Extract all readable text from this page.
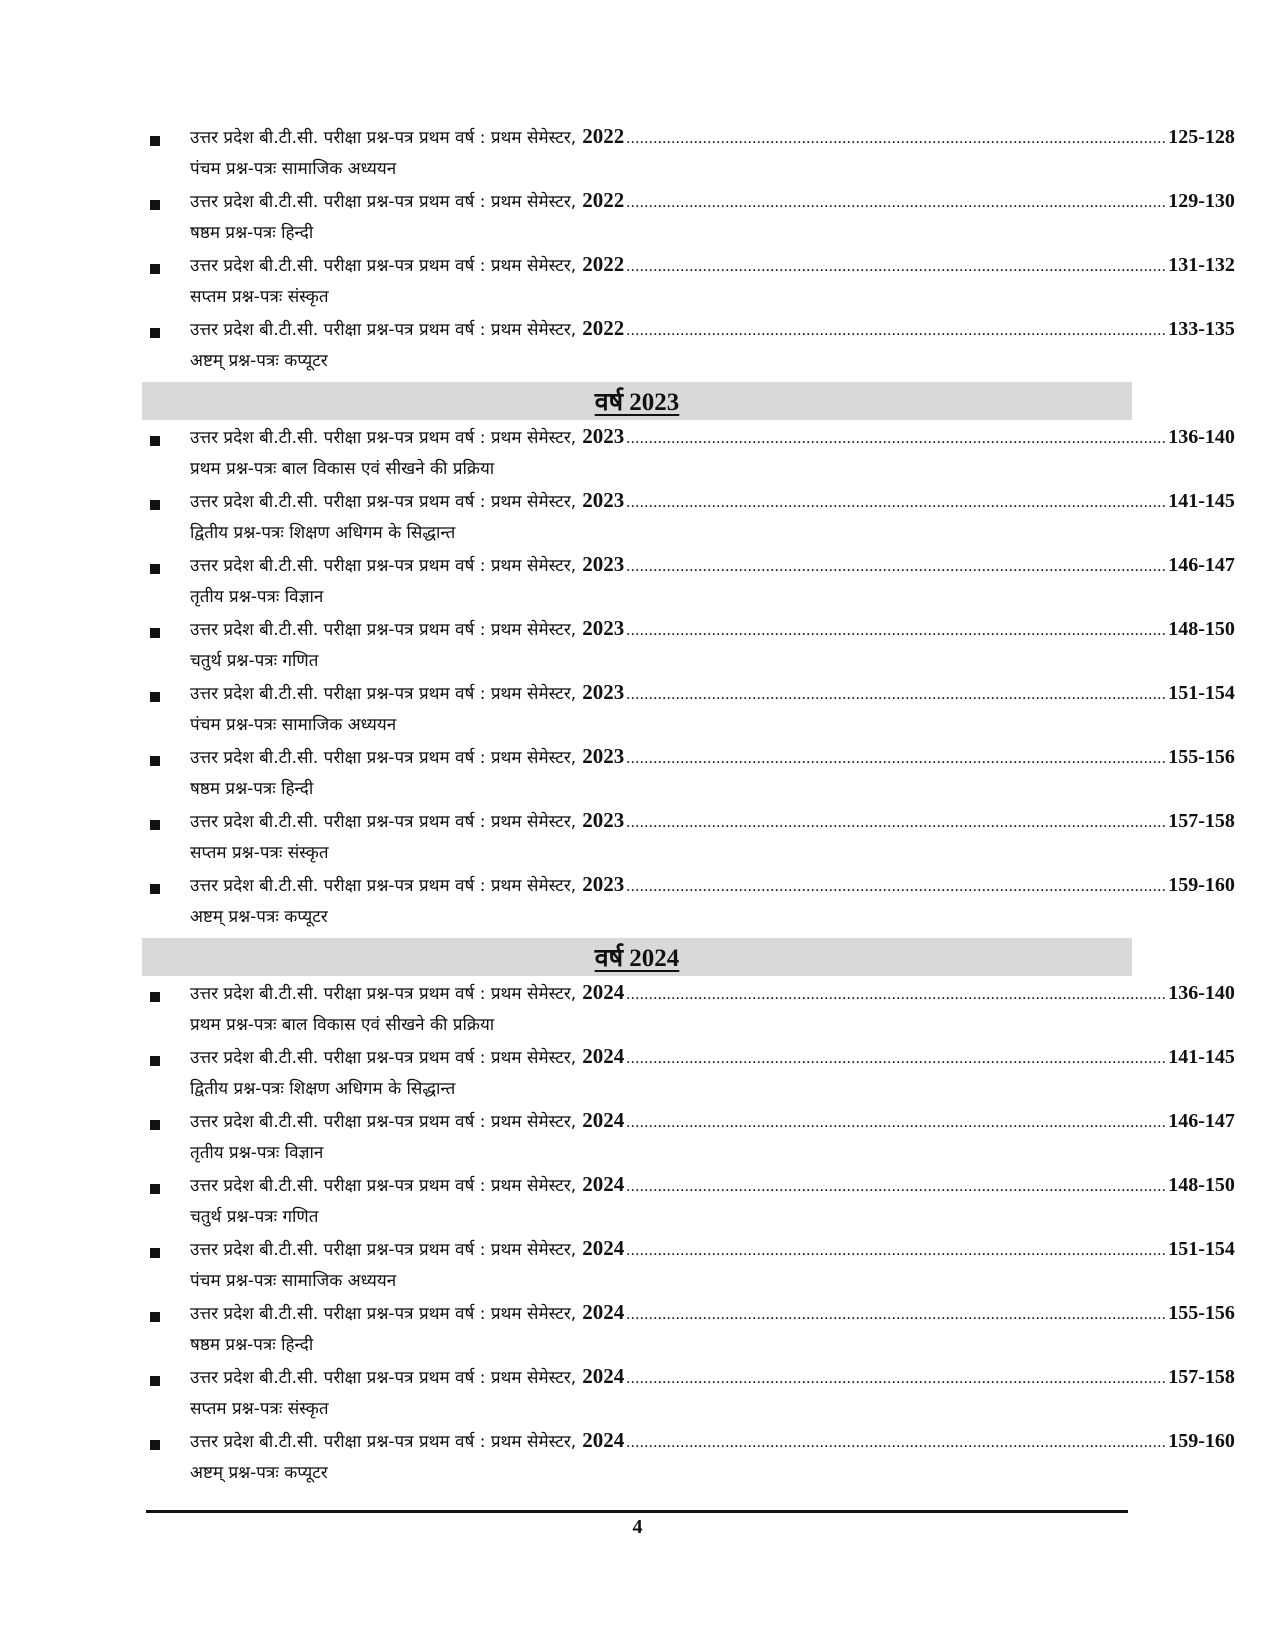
उत्तर प्रदेश बी.टी.सी. परीक्षा प्रश्न-पत्र प्रथम वर्ष : प्रथम सेमेस्टर, 2022 ........................................................................................................................ 125-128
पंचम प्रश्न-पत्रः सामाजिक अध्ययन
उत्तर प्रदेश बी.टी.सी. परीक्षा प्रश्न-पत्र प्रथम वर्ष : प्रथम सेमेस्टर, 2022 ........................................................................................................................ 129-130
षष्ठम प्रश्न-पत्रः हिन्दी
उत्तर प्रदेश बी.टी.सी. परीक्षा प्रश्न-पत्र प्रथम वर्ष : प्रथम सेमेस्टर, 2022 ........................................................................................................................ 131-132
सप्तम प्रश्न-पत्रः संस्कृत
उत्तर प्रदेश बी.टी.सी. परीक्षा प्रश्न-पत्र प्रथम वर्ष : प्रथम सेमेस्टर, 2022 ........................................................................................................................ 133-135
अष्टम् प्रश्न-पत्रः कप्यूटर
वर्ष 2023
उत्तर प्रदेश बी.टी.सी. परीक्षा प्रश्न-पत्र प्रथम वर्ष : प्रथम सेमेस्टर, 2023 ........................................................................................................................ 136-140
प्रथम प्रश्न-पत्रः बाल विकास एवं सीखने की प्रक्रिया
उत्तर प्रदेश बी.टी.सी. परीक्षा प्रश्न-पत्र प्रथम वर्ष : प्रथम सेमेस्टर, 2023 ........................................................................................................................ 141-145
द्वितीय प्रश्न-पत्रः शिक्षण अधिगम के सिद्धान्त
उत्तर प्रदेश बी.टी.सी. परीक्षा प्रश्न-पत्र प्रथम वर्ष : प्रथम सेमेस्टर, 2023 ........................................................................................................................ 146-147
तृतीय प्रश्न-पत्रः विज्ञान
उत्तर प्रदेश बी.टी.सी. परीक्षा प्रश्न-पत्र प्रथम वर्ष : प्रथम सेमेस्टर, 2023 ........................................................................................................................ 148-150
चतुर्थ प्रश्न-पत्रः गणित
उत्तर प्रदेश बी.टी.सी. परीक्षा प्रश्न-पत्र प्रथम वर्ष : प्रथम सेमेस्टर, 2023 ........................................................................................................................ 151-154
पंचम प्रश्न-पत्रः सामाजिक अध्ययन
उत्तर प्रदेश बी.टी.सी. परीक्षा प्रश्न-पत्र प्रथम वर्ष : प्रथम सेमेस्टर, 2023 ........................................................................................................................ 155-156
षष्ठम प्रश्न-पत्रः हिन्दी
उत्तर प्रदेश बी.टी.सी. परीक्षा प्रश्न-पत्र प्रथम वर्ष : प्रथम सेमेस्टर, 2023 ........................................................................................................................ 157-158
सप्तम प्रश्न-पत्रः संस्कृत
उत्तर प्रदेश बी.टी.सी. परीक्षा प्रश्न-पत्र प्रथम वर्ष : प्रथम सेमेस्टर, 2023 ........................................................................................................................ 159-160
अष्टम् प्रश्न-पत्रः कप्यूटर
वर्ष 2024
उत्तर प्रदेश बी.टी.सी. परीक्षा प्रश्न-पत्र प्रथम वर्ष : प्रथम सेमेस्टर, 2024 ........................................................................................................................ 136-140
प्रथम प्रश्न-पत्रः बाल विकास एवं सीखने की प्रक्रिया
उत्तर प्रदेश बी.टी.सी. परीक्षा प्रश्न-पत्र प्रथम वर्ष : प्रथम सेमेस्टर, 2024 ........................................................................................................................ 141-145
द्वितीय प्रश्न-पत्रः शिक्षण अधिगम के सिद्धान्त
उत्तर प्रदेश बी.टी.सी. परीक्षा प्रश्न-पत्र प्रथम वर्ष : प्रथम सेमेस्टर, 2024 ........................................................................................................................ 146-147
तृतीय प्रश्न-पत्रः विज्ञान
उत्तर प्रदेश बी.टी.सी. परीक्षा प्रश्न-पत्र प्रथम वर्ष : प्रथम सेमेस्टर, 2024 ........................................................................................................................ 148-150
चतुर्थ प्रश्न-पत्रः गणित
उत्तर प्रदेश बी.टी.सी. परीक्षा प्रश्न-पत्र प्रथम वर्ष : प्रथम सेमेस्टर, 2024 ........................................................................................................................ 151-154
पंचम प्रश्न-पत्रः सामाजिक अध्ययन
उत्तर प्रदेश बी.टी.सी. परीक्षा प्रश्न-पत्र प्रथम वर्ष : प्रथम सेमेस्टर, 2024 ........................................................................................................................ 155-156
षष्ठम प्रश्न-पत्रः हिन्दी
उत्तर प्रदेश बी.टी.सी. परीक्षा प्रश्न-पत्र प्रथम वर्ष : प्रथम सेमेस्टर, 2024 ........................................................................................................................ 157-158
सप्तम प्रश्न-पत्रः संस्कृत
उत्तर प्रदेश बी.टी.सी. परीक्षा प्रश्न-पत्र प्रथम वर्ष : प्रथम सेमेस्टर, 2024 ........................................................................................................................ 159-160
अष्टम् प्रश्न-पत्रः कप्यूटर
4
